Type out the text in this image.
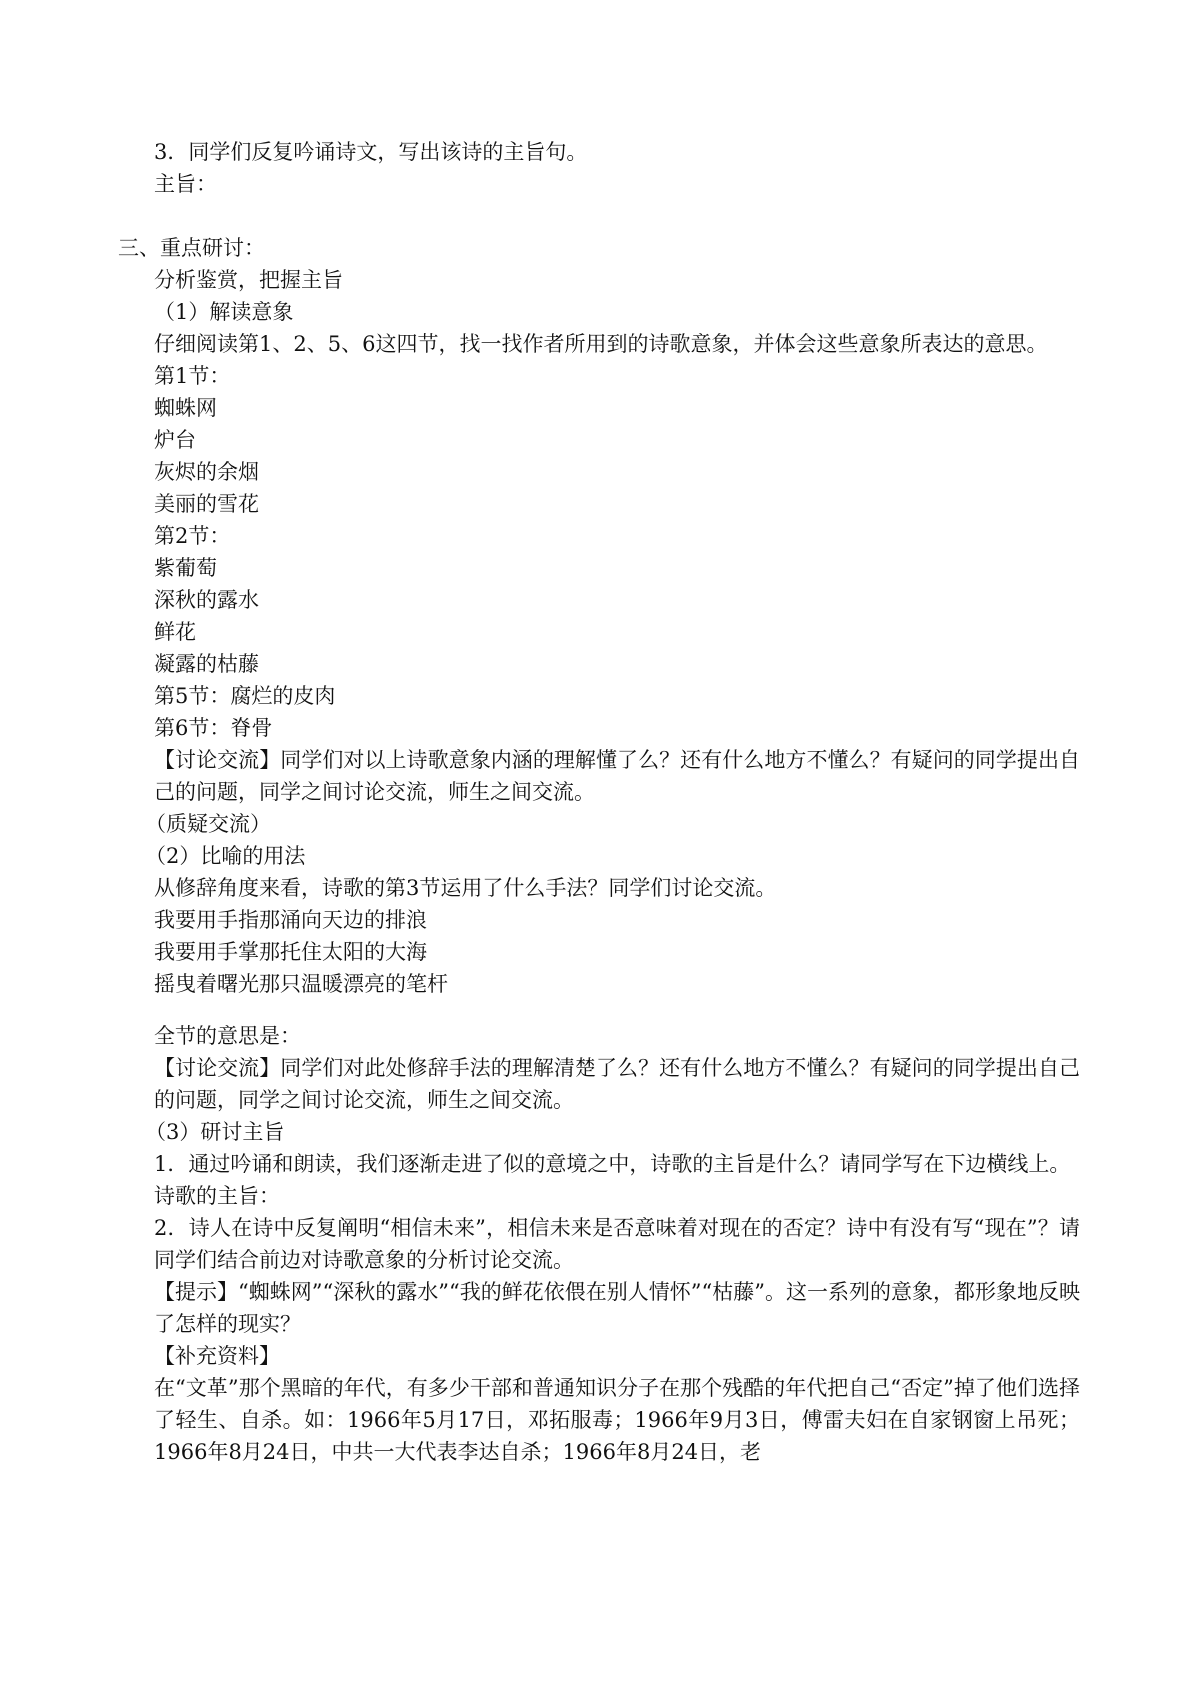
3．同学们反复吟诵诗文，写出该诗的主旨句。
主旨：
三、重点研讨：
分析鉴赏，把握主旨
（1）解读意象
仔细阅读第1、2、5、6这四节，找一找作者所用到的诗歌意象，并体会这些意象所表达的意思。
第1节：
蜘蛛网
炉台
灰烬的余烟
美丽的雪花
第2节：
紫葡萄
深秋的露水
鲜花
凝露的枯藤
第5节：腐烂的皮肉
第6节：脊骨
【讨论交流】同学们对以上诗歌意象内涵的理解懂了么？还有什么地方不懂么？有疑问的同学提出自己的问题，同学之间讨论交流，师生之间交流。
（质疑交流）
（2）比喻的用法
从修辞角度来看，诗歌的第3节运用了什么手法？同学们讨论交流。
我要用手指那涌向天边的排浪
我要用手掌那托住太阳的大海
摇曳着曙光那只温暖漂亮的笔杆
全节的意思是：
【讨论交流】同学们对此处修辞手法的理解清楚了么？还有什么地方不懂么？有疑问的同学提出自己的问题，同学之间讨论交流，师生之间交流。
（3）研讨主旨
1．通过吟诵和朗读，我们逐渐走进了似的意境之中，诗歌的主旨是什么？请同学写在下边横线上。
诗歌的主旨：
2．诗人在诗中反复阐明“相信未来”，相信未来是否意味着对现在的否定？诗中有没有写“现在”？请同学们结合前边对诗歌意象的分析讨论交流。
【提示】“蜘蛛网”“深秋的露水”“我的鲜花依偎在别人情怀”“枯藤”。这一系列的意象，都形象地反映了怎样的现实？
【补充资料】
在“文革”那个黑暗的年代，有多少干部和普通知识分子在那个残酷的年代把自己“否定”掉了他们选择了轻生、自杀。如：1966年5月17日，邓拓服毒；1966年9月3日，傅雷夫妇在自家钢窗上吊死；1966年8月24日，中共一大代表李达自杀；1966年8月24日，老
